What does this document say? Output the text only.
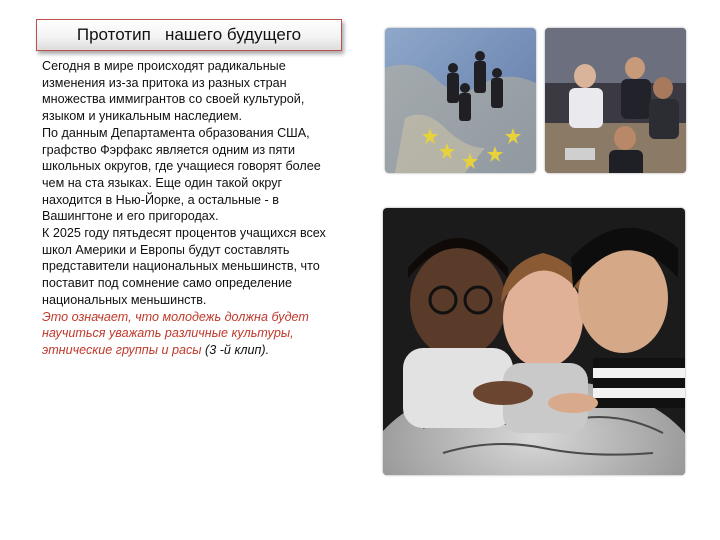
Прототип   нашего будущего

Сегодня в мире происходят радикальные изменения из-за притока из разных стран множества иммигрантов со своей культурой, языком и уникальным наследием.

По данным Департамента образования США, графство Фэрфакс является одним из пяти школьных округов, где учащиеся говорят более чем на ста языках. Еще один такой округ находится в Нью-Йорке, а остальные - в Вашингтоне и его пригородах.

К 2025 году пятьдесят процентов учащихся всех школ Америки и Европы будут составлять представители национальных меньшинств, что поставит под сомнение само определение национальных меньшинств.

Это означает, что молодежь должна будет научиться уважать различные культуры, этнические группы и расы (3 -й клип).
